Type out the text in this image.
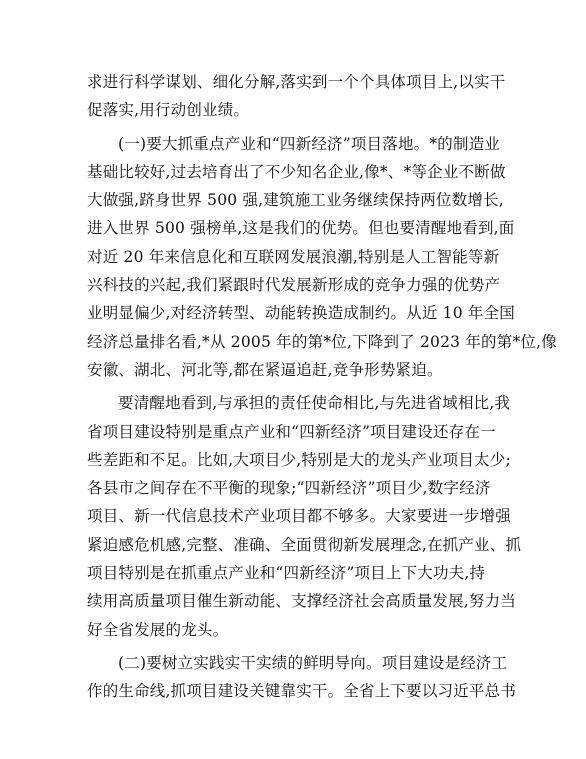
求进行科学谋划、细化分解,落实到一个个具体项目上,以实干
促落实,用行动创业绩。
(一)要大抓重点产业和“四新经济”项目落地。*的制造业
基础比较好,过去培育出了不少知名企业,像*、*等企业不断做
大做强,跻身世界 500 强,建筑施工业务继续保持两位数增长,
进入世界 500 强榜单,这是我们的优势。但也要清醒地看到,面
对近 20 年来信息化和互联网发展浪潮,特别是人工智能等新
兴科技的兴起,我们紧跟时代发展新形成的竞争力强的优势产
业明显偏少,对经济转型、动能转换造成制约。从近 10 年全国
经济总量排名看,*从 2005 年的第*位,下降到了 2023 年的第*位,像
安徽、湖北、河北等,都在紧逼追赶,竞争形势紧迫。
要清醒地看到,与承担的责任使命相比,与先进省域相比,我
省项目建设特别是重点产业和“四新经济”项目建设还存在一
些差距和不足。比如,大项目少,特别是大的龙头产业项目太少;
各县市之间存在不平衡的现象;“四新经济”项目少,数字经济
项目、新一代信息技术产业项目都不够多。大家要进一步增强
紧迫感危机感,完整、准确、全面贯彻新发展理念,在抓产业、抓
项目特别是在抓重点产业和“四新经济”项目上下大功夫,持
续用高质量项目催生新动能、支撑经济社会高质量发展,努力当
好全省发展的龙头。
(二)要树立实践实干实绩的鲜明导向。项目建设是经济工
作的生命线,抓项目建设关键靠实干。全省上下要以习近平总书
